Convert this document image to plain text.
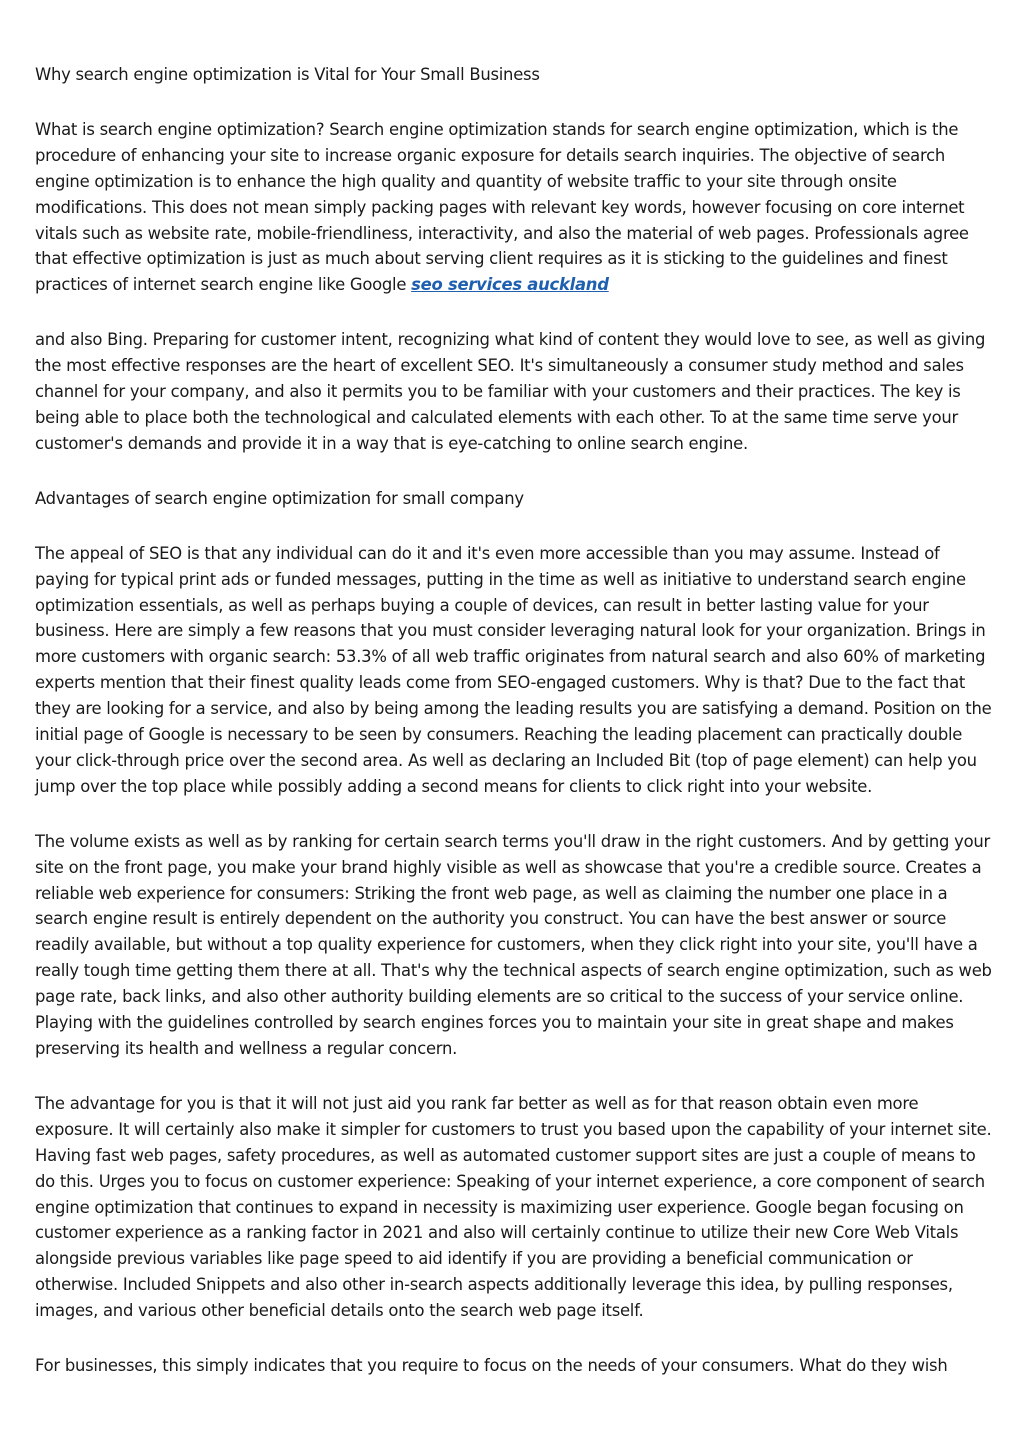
Why search engine optimization is Vital for Your Small Business

What is search engine optimization? Search engine optimization stands for search engine optimization, which is the procedure of enhancing your site to increase organic exposure for details search inquiries. The objective of search engine optimization is to enhance the high quality and quantity of website traffic to your site through onsite modifications. This does not mean simply packing pages with relevant key words, however focusing on core internet vitals such as website rate, mobile-friendliness, interactivity, and also the material of web pages. Professionals agree that effective optimization is just as much about serving client requires as it is sticking to the guidelines and finest practices of internet search engine like Google seo services auckland

and also Bing. Preparing for customer intent, recognizing what kind of content they would love to see, as well as giving the most effective responses are the heart of excellent SEO. It's simultaneously a consumer study method and sales channel for your company, and also it permits you to be familiar with your customers and their practices. The key is being able to place both the technological and calculated elements with each other. To at the same time serve your customer's demands and provide it in a way that is eye-catching to online search engine.

Advantages of search engine optimization for small company

The appeal of SEO is that any individual can do it and it's even more accessible than you may assume. Instead of paying for typical print ads or funded messages, putting in the time as well as initiative to understand search engine optimization essentials, as well as perhaps buying a couple of devices, can result in better lasting value for your business. Here are simply a few reasons that you must consider leveraging natural look for your organization. Brings in more customers with organic search: 53.3% of all web traffic originates from natural search and also 60% of marketing experts mention that their finest quality leads come from SEO-engaged customers. Why is that? Due to the fact that they are looking for a service, and also by being among the leading results you are satisfying a demand. Position on the initial page of Google is necessary to be seen by consumers. Reaching the leading placement can practically double your click-through price over the second area. As well as declaring an Included Bit (top of page element) can help you jump over the top place while possibly adding a second means for clients to click right into your website.

The volume exists as well as by ranking for certain search terms you'll draw in the right customers. And by getting your site on the front page, you make your brand highly visible as well as showcase that you're a credible source. Creates a reliable web experience for consumers: Striking the front web page, as well as claiming the number one place in a search engine result is entirely dependent on the authority you construct. You can have the best answer or source readily available, but without a top quality experience for customers, when they click right into your site, you'll have a really tough time getting them there at all. That's why the technical aspects of search engine optimization, such as web page rate, back links, and also other authority building elements are so critical to the success of your service online. Playing with the guidelines controlled by search engines forces you to maintain your site in great shape and makes preserving its health and wellness a regular concern.

The advantage for you is that it will not just aid you rank far better as well as for that reason obtain even more exposure. It will certainly also make it simpler for customers to trust you based upon the capability of your internet site. Having fast web pages, safety procedures, as well as automated customer support sites are just a couple of means to do this. Urges you to focus on customer experience: Speaking of your internet experience, a core component of search engine optimization that continues to expand in necessity is maximizing user experience. Google began focusing on customer experience as a ranking factor in 2021 and also will certainly continue to utilize their new Core Web Vitals alongside previous variables like page speed to aid identify if you are providing a beneficial communication or otherwise. Included Snippets and also other in-search aspects additionally leverage this idea, by pulling responses, images, and various other beneficial details onto the search web page itself.

For businesses, this simply indicates that you require to focus on the needs of your consumers. What do they wish
